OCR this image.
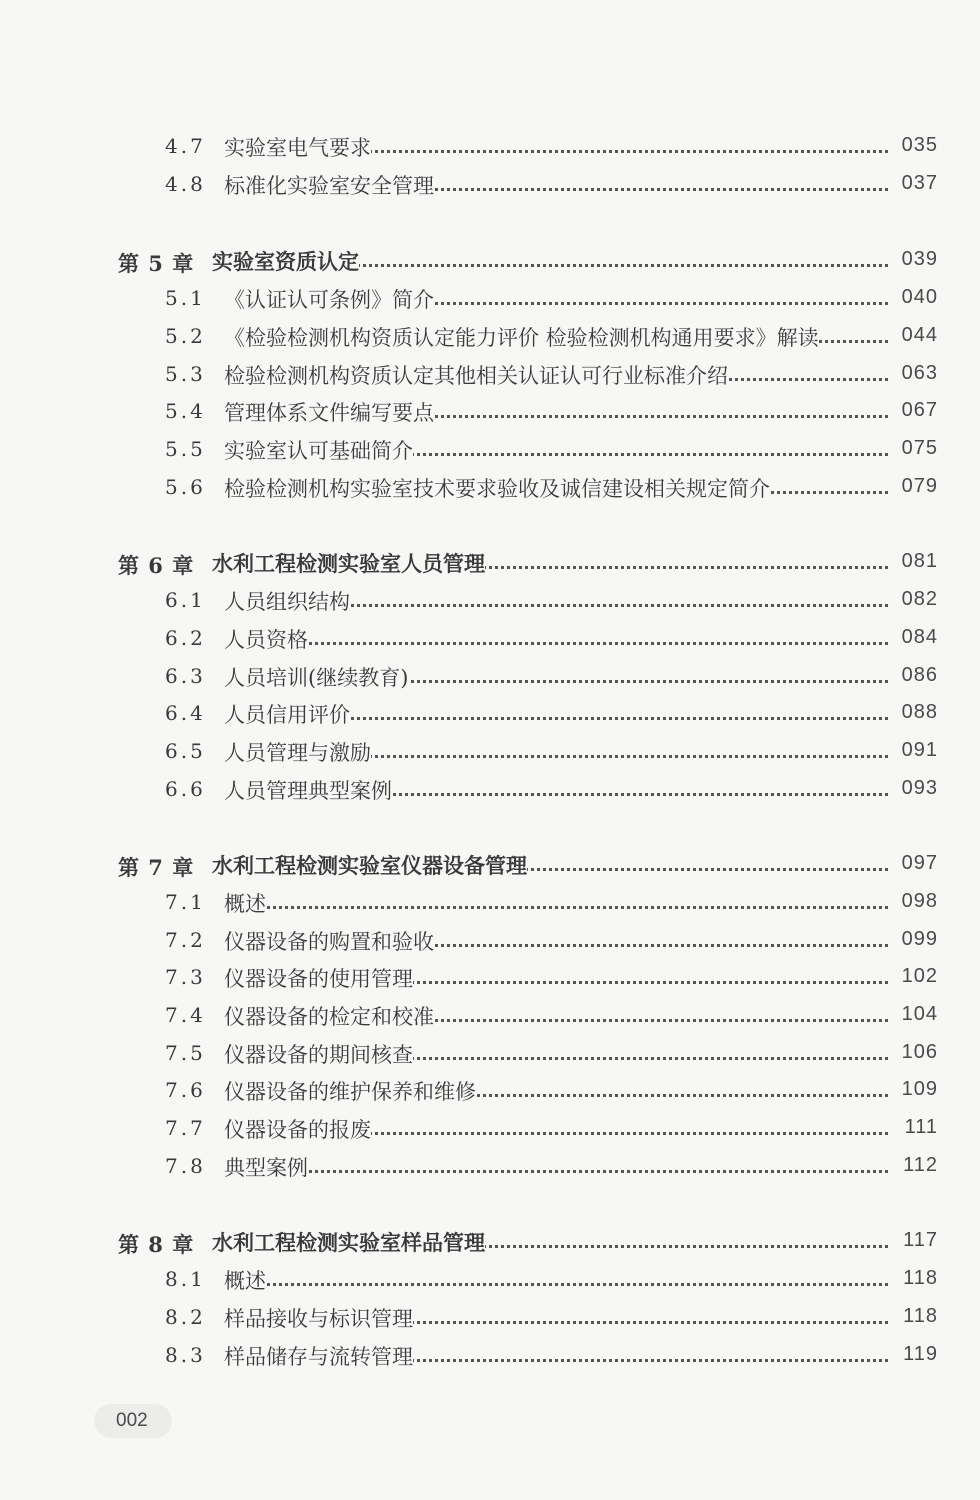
4.7 实验室电气要求	035
4.8 标准化实验室安全管理	037
第 5 章 实验室资质认定	039
5.1 《认证认可条例》简介	040
5.2 《检验检测机构资质认定能力评价 检验检测机构通用要求》解读	044
5.3 检验检测机构资质认定其他相关认证认可行业标准介绍	063
5.4 管理体系文件编写要点	067
5.5 实验室认可基础简介	075
5.6 检验检测机构实验室技术要求验收及诚信建设相关规定简介	079
第 6 章 水利工程检测实验室人员管理	081
6.1 人员组织结构	082
6.2 人员资格	084
6.3 人员培训(继续教育)	086
6.4 人员信用评价	088
6.5 人员管理与激励	091
6.6 人员管理典型案例	093
第 7 章 水利工程检测实验室仪器设备管理	097
7.1 概述	098
7.2 仪器设备的购置和验收	099
7.3 仪器设备的使用管理	102
7.4 仪器设备的检定和校准	104
7.5 仪器设备的期间核查	106
7.6 仪器设备的维护保养和维修	109
7.7 仪器设备的报废	111
7.8 典型案例	112
第 8 章 水利工程检测实验室样品管理	117
8.1 概述	118
8.2 样品接收与标识管理	118
8.3 样品储存与流转管理	119
002
